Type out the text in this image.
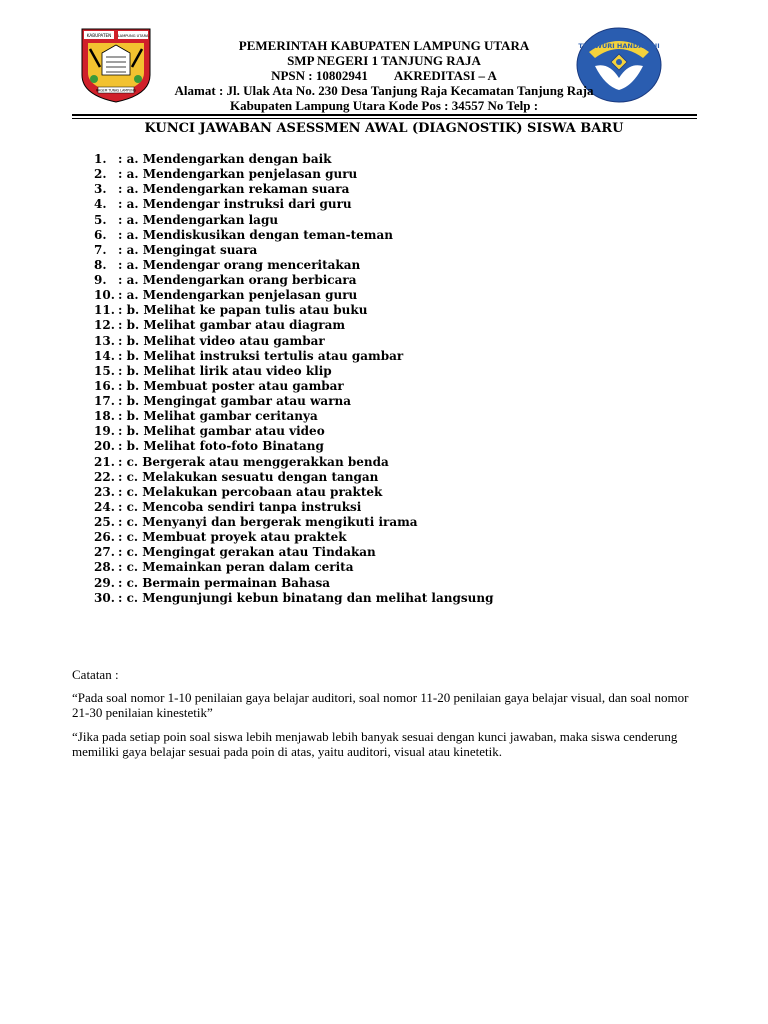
KABUPATEN LAMPUNG UTARA
RAGEM TUNAS LAMPUNG
TUT WURI HANDAYANI
PEMERINTAH KABUPATEN LAMPUNG UTARA
SMP NEGERI 1 TANJUNG RAJA
NPSN : 10802941 AKREDITASI – A
Alamat : Jl. Ulak Ata No. 230 Desa Tanjung Raja Kecamatan Tanjung Raja
Kabupaten Lampung Utara Kode Pos : 34557 No Telp :
KUNCI JAWABAN ASESSMEN AWAL (DIAGNOSTIK) SISWA BARU
1. : a. Mendengarkan dengan baik
2. : a. Mendengarkan penjelasan guru
3. : a. Mendengarkan rekaman suara
4. : a. Mendengar instruksi dari guru
5. : a. Mendengarkan lagu
6. : a. Mendiskusikan dengan teman-teman
7. : a. Mengingat suara
8. : a. Mendengar orang menceritakan
9. : a. Mendengarkan orang berbicara
10. : a. Mendengarkan penjelasan guru
11. : b. Melihat ke papan tulis atau buku
12. : b. Melihat gambar atau diagram
13. : b. Melihat video atau gambar
14. : b. Melihat instruksi tertulis atau gambar
15. : b. Melihat lirik atau video klip
16. : b. Membuat poster atau gambar
17. : b. Mengingat gambar atau warna
18. : b. Melihat gambar ceritanya
19. : b. Melihat gambar atau video
20. : b. Melihat foto-foto Binatang
21. : c. Bergerak atau menggerakkan benda
22. : c. Melakukan sesuatu dengan tangan
23. : c. Melakukan percobaan atau praktek
24. : c. Mencoba sendiri tanpa instruksi
25. : c. Menyanyi dan bergerak mengikuti irama
26. : c. Membuat proyek atau praktek
27. : c. Mengingat gerakan atau Tindakan
28. : c. Memainkan peran dalam cerita
29. : c. Bermain permainan Bahasa
30. : c. Mengunjungi kebun binatang dan melihat langsung
Catatan :
“Pada soal nomor 1-10 penilaian gaya belajar auditori, soal nomor 11-20 penilaian gaya belajar visual, dan soal nomor 21-30 penilaian kinestetik”
“Jika pada setiap poin soal siswa lebih menjawab lebih banyak sesuai dengan kunci jawaban, maka siswa cenderung memiliki gaya belajar sesuai pada poin di atas, yaitu auditori, visual atau kinetetik.
